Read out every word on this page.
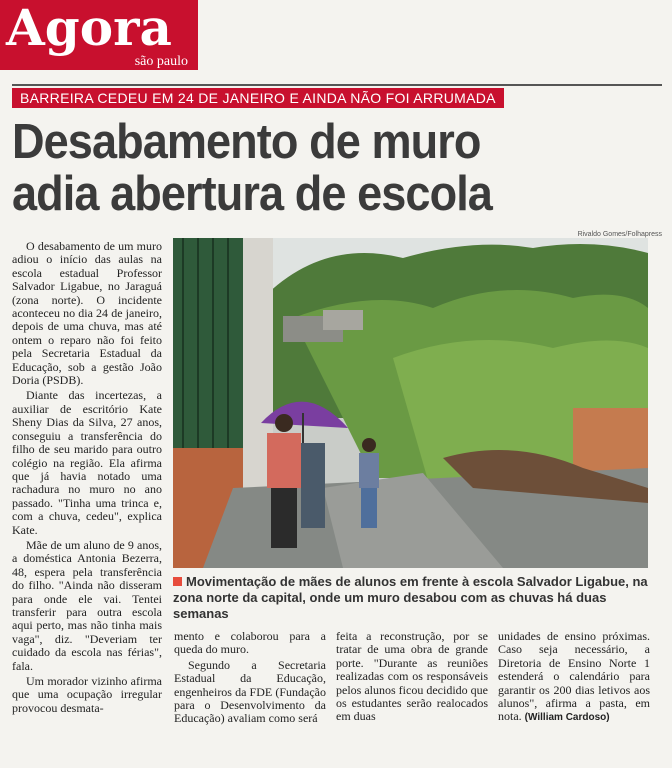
Agora
são paulo
BARREIRA CEDEU EM 24 DE JANEIRO E AINDA NÃO FOI ARRUMADA
Desabamento de muro
adia abertura de escola
Rivaldo Gomes/Folhapress
Movimentação de mães de alunos em frente à escola Salvador Ligabue, na zona norte da capital, onde um muro desabou com as chuvas há duas semanas

O desabamento de um muro adiou o início das aulas na escola estadual Professor Salvador Ligabue, no Jaraguá (zona norte). O incidente aconteceu no dia 24 de janeiro, depois de uma chuva, mas até ontem o reparo não foi feito pela Secretaria Estadual da Educação, sob a gestão João Doria (PSDB).

Diante das incertezas, a auxiliar de escritório Kate Sheny Dias da Silva, 27 anos, conseguiu a transferência do filho de seu marido para outro colégio na região. Ela afirma que já havia notado uma rachadura no muro no ano passado. "Tinha uma trinca e, com a chuva, cedeu", explica Kate.

Mãe de um aluno de 9 anos, a doméstica Antonia Bezerra, 48, espera pela transferência do filho. "Ainda não disseram para onde ele vai. Tentei transferir para outra escola aqui perto, mas não tinha mais vaga", diz. "Deveriam ter cuidado da escola nas férias", fala.

Um morador vizinho afirma que uma ocupação irregular provocou desmata-

mento e colaborou para a queda do muro.

Segundo a Secretaria Estadual da Educação, engenheiros da FDE (Fundação para o Desenvolvimento da Educação) avaliam como será

feita a reconstrução, por se tratar de uma obra de grande porte. "Durante as reuniões realizadas com os responsáveis pelos alunos ficou decidido que os estudantes serão realocados em duas

unidades de ensino próximas. Caso seja necessário, a Diretoria de Ensino Norte 1 estenderá o calendário para garantir os 200 dias letivos aos alunos", afirma a pasta, em nota. (William Cardoso)
